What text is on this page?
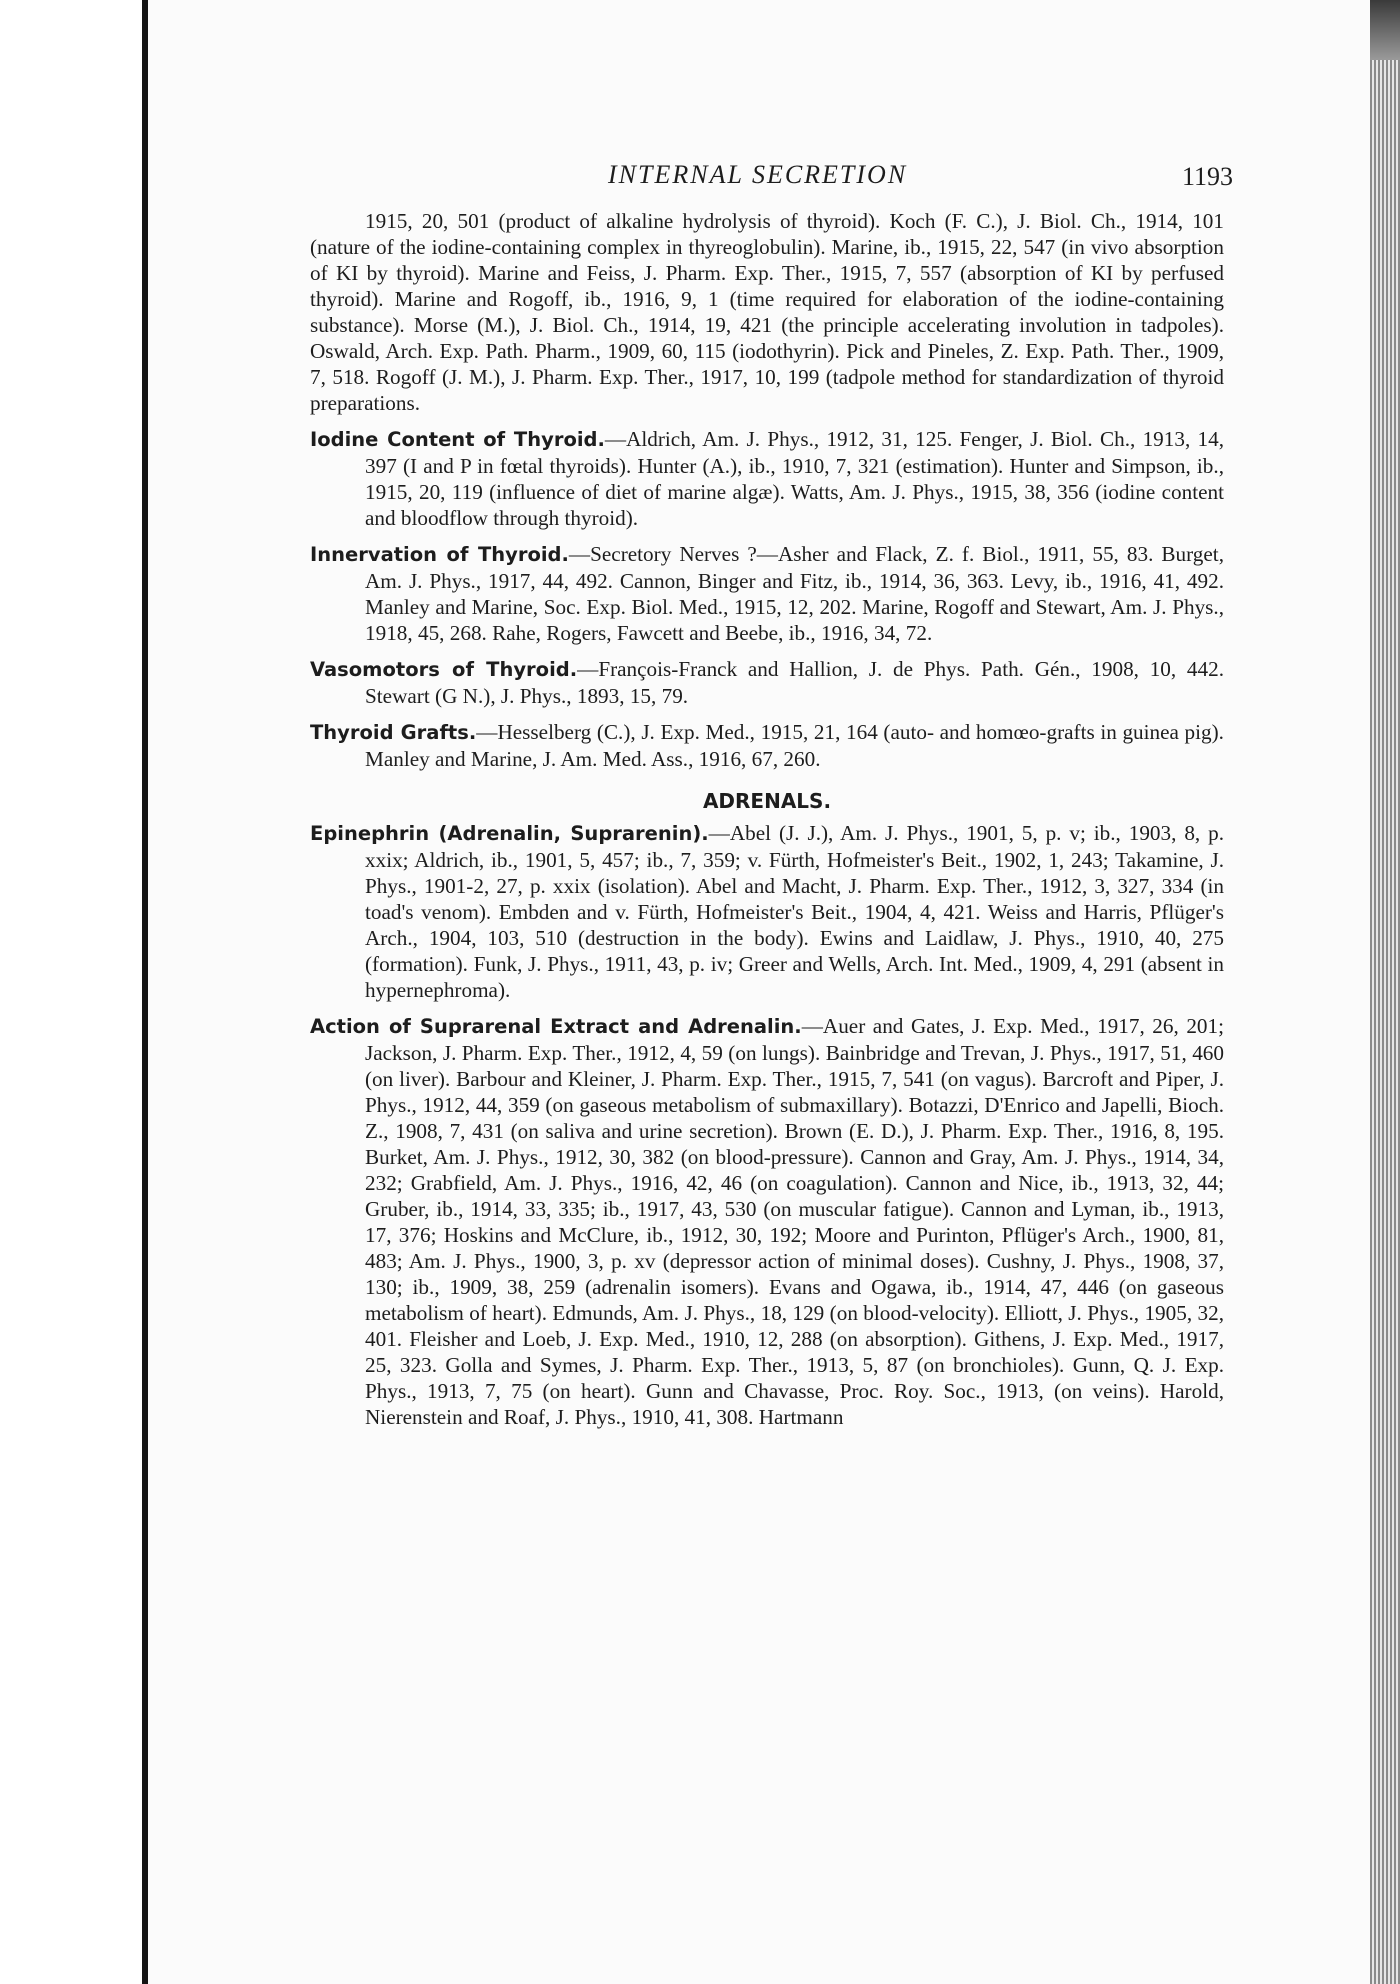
INTERNAL SECRETION	1193

1915, 20, 501 (product of alkaline hydrolysis of thyroid). Koch (F. C.), J. Biol. Ch., 1914, 101 (nature of the iodine-containing complex in thyreoglobulin). Marine, ib., 1915, 22, 547 (in vivo absorption of KI by thyroid). Marine and Feiss, J. Pharm. Exp. Ther., 1915, 7, 557 (absorption of KI by perfused thyroid). Marine and Rogoff, ib., 1916, 9, 1 (time required for elaboration of the iodine-containing substance). Morse (M.), J. Biol. Ch., 1914, 19, 421 (the principle accelerating involution in tadpoles). Oswald, Arch. Exp. Path. Pharm., 1909, 60, 115 (iodothyrin). Pick and Pineles, Z. Exp. Path. Ther., 1909, 7, 518. Rogoff (J. M.), J. Pharm. Exp. Ther., 1917, 10, 199 (tadpole method for standardization of thyroid preparations.

Iodine Content of Thyroid.—Aldrich, Am. J. Phys., 1912, 31, 125. Fenger, J. Biol. Ch., 1913, 14, 397 (I and P in fœtal thyroids). Hunter (A.), ib., 1910, 7, 321 (estimation). Hunter and Simpson, ib., 1915, 20, 119 (influence of diet of marine algæ). Watts, Am. J. Phys., 1915, 38, 356 (iodine content and bloodflow through thyroid).

Innervation of Thyroid.—Secretory Nerves ?—Asher and Flack, Z. f. Biol., 1911, 55, 83. Burget, Am. J. Phys., 1917, 44, 492. Cannon, Binger and Fitz, ib., 1914, 36, 363. Levy, ib., 1916, 41, 492. Manley and Marine, Soc. Exp. Biol. Med., 1915, 12, 202. Marine, Rogoff and Stewart, Am. J. Phys., 1918, 45, 268. Rahe, Rogers, Fawcett and Beebe, ib., 1916, 34, 72.

Vasomotors of Thyroid.—François-Franck and Hallion, J. de Phys. Path. Gén., 1908, 10, 442. Stewart (G N.), J. Phys., 1893, 15, 79.

Thyroid Grafts.—Hesselberg (C.), J. Exp. Med., 1915, 21, 164 (auto- and homœo-grafts in guinea pig). Manley and Marine, J. Am. Med. Ass., 1916, 67, 260.

ADRENALS.

Epinephrin (Adrenalin, Suprarenin).—Abel (J. J.), Am. J. Phys., 1901, 5, p. v; ib., 1903, 8, p. xxix; Aldrich, ib., 1901, 5, 457; ib., 7, 359; v. Fürth, Hofmeister's Beit., 1902, 1, 243; Takamine, J. Phys., 1901-2, 27, p. xxix (isolation). Abel and Macht, J. Pharm. Exp. Ther., 1912, 3, 327, 334 (in toad's venom). Embden and v. Fürth, Hofmeister's Beit., 1904, 4, 421. Weiss and Harris, Pflüger's Arch., 1904, 103, 510 (destruction in the body). Ewins and Laidlaw, J. Phys., 1910, 40, 275 (formation). Funk, J. Phys., 1911, 43, p. iv; Greer and Wells, Arch. Int. Med., 1909, 4, 291 (absent in hypernephroma).

Action of Suprarenal Extract and Adrenalin.—Auer and Gates, J. Exp. Med., 1917, 26, 201; Jackson, J. Pharm. Exp. Ther., 1912, 4, 59 (on lungs). Bainbridge and Trevan, J. Phys., 1917, 51, 460 (on liver). Barbour and Kleiner, J. Pharm. Exp. Ther., 1915, 7, 541 (on vagus). Barcroft and Piper, J. Phys., 1912, 44, 359 (on gaseous metabolism of submaxillary). Botazzi, D'Enrico and Japelli, Bioch. Z., 1908, 7, 431 (on saliva and urine secretion). Brown (E. D.), J. Pharm. Exp. Ther., 1916, 8, 195. Burket, Am. J. Phys., 1912, 30, 382 (on blood-pressure). Cannon and Gray, Am. J. Phys., 1914, 34, 232; Grabfield, Am. J. Phys., 1916, 42, 46 (on coagulation). Cannon and Nice, ib., 1913, 32, 44; Gruber, ib., 1914, 33, 335; ib., 1917, 43, 530 (on muscular fatigue). Cannon and Lyman, ib., 1913, 17, 376; Hoskins and McClure, ib., 1912, 30, 192; Moore and Purinton, Pflüger's Arch., 1900, 81, 483; Am. J. Phys., 1900, 3, p. xv (depressor action of minimal doses). Cushny, J. Phys., 1908, 37, 130; ib., 1909, 38, 259 (adrenalin isomers). Evans and Ogawa, ib., 1914, 47, 446 (on gaseous metabolism of heart). Edmunds, Am. J. Phys., 18, 129 (on blood-velocity). Elliott, J. Phys., 1905, 32, 401. Fleisher and Loeb, J. Exp. Med., 1910, 12, 288 (on absorption). Githens, J. Exp. Med., 1917, 25, 323. Golla and Symes, J. Pharm. Exp. Ther., 1913, 5, 87 (on bronchioles). Gunn, Q. J. Exp. Phys., 1913, 7, 75 (on heart). Gunn and Chavasse, Proc. Roy. Soc., 1913, (on veins). Harold, Nierenstein and Roaf, J. Phys., 1910, 41, 308. Hartmann
